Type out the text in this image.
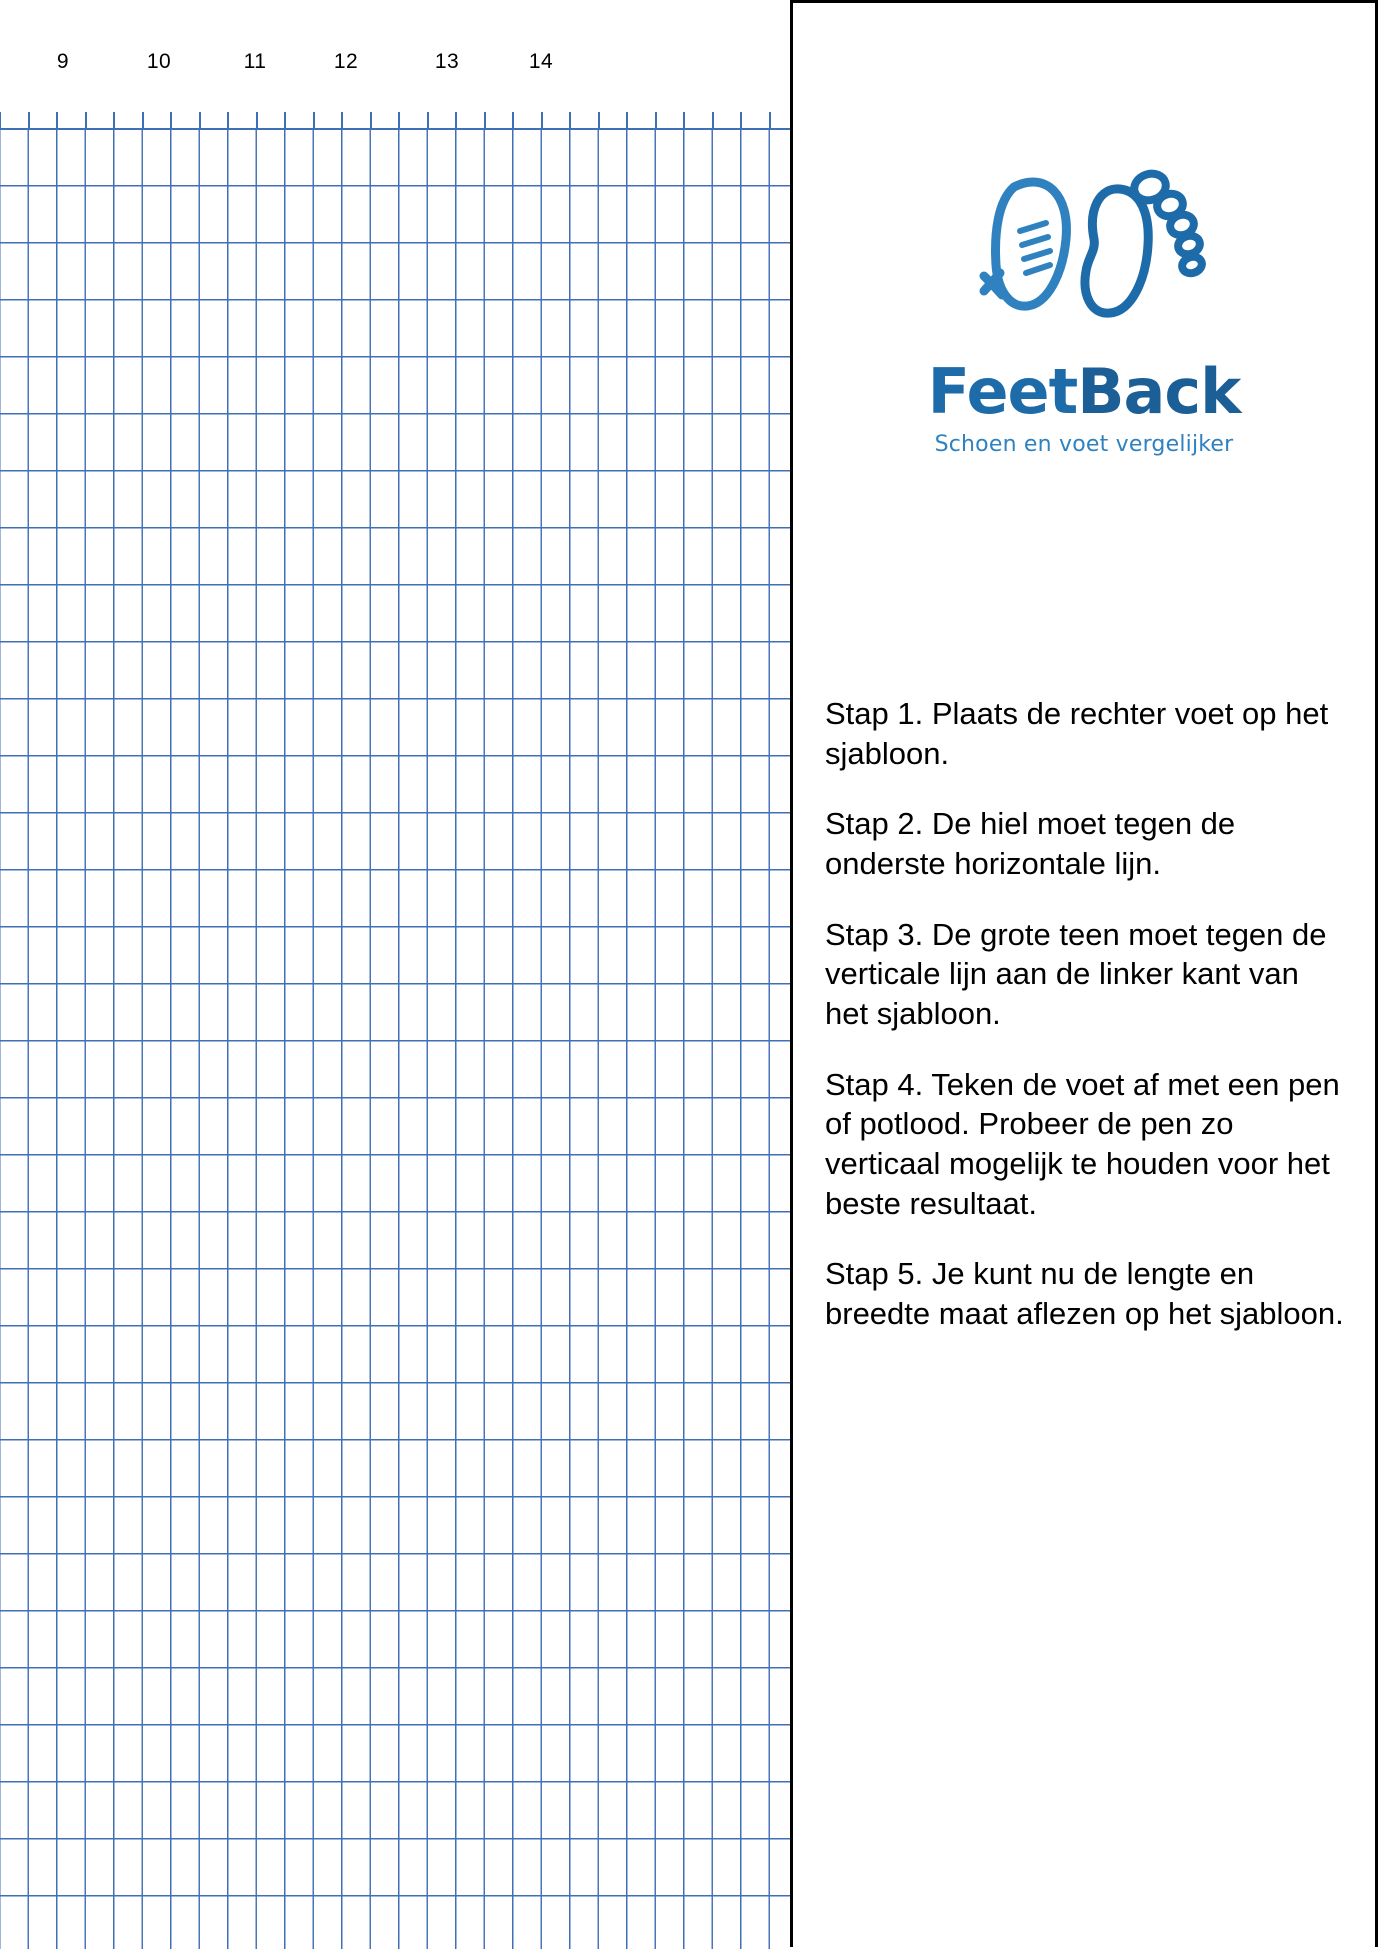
9	10	11	12	13	14
FeetBack
Schoen en voet vergelijker

Stap 1. Plaats de rechter voet op het sjabloon.

Stap 2. De hiel moet tegen de onderste horizontale lijn.

Stap 3. De grote teen moet tegen de verticale lijn aan de linker kant van het sjabloon.

Stap 4. Teken de voet af met een pen of potlood. Probeer de pen zo verticaal mogelijk te houden voor het beste resultaat.

Stap 5. Je kunt nu de lengte en breedte maat aflezen op het sjabloon.
